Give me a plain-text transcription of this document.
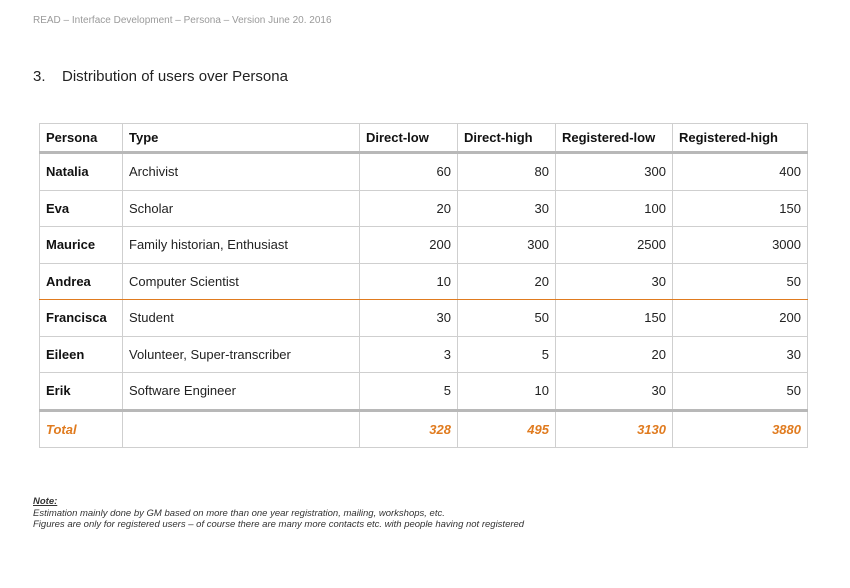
READ – Interface Development – Persona – Version June 20. 2016
3. Distribution of users over Persona
Persona	Type	Direct-low	Direct-high	Registered-low	Registered-high
Natalia	Archivist	60	80	300	400
Eva	Scholar	20	30	100	150
Maurice	Family historian, Enthusiast	200	300	2500	3000
Andrea	Computer Scientist	10	20	30	50
Francisca	Student	30	50	150	200
Eileen	Volunteer, Super-transcriber	3	5	20	30
Erik	Software Engineer	5	10	30	50
Total		328	495	3130	3880
Note:
Estimation mainly done by GM based on more than one year registration, mailing, workshops, etc.
Figures are only for registered users – of course there are many more contacts etc. with people having not registered
